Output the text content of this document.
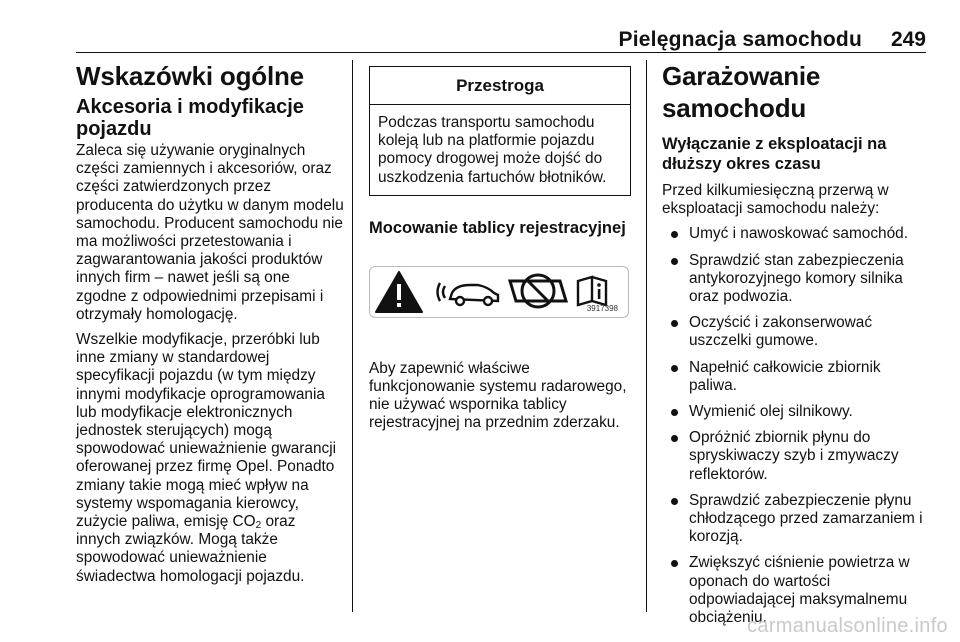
Pielęgnacja samochodu 249
Wskazówki ogólne
Akcesoria i modyfikacje pojazdu

Zaleca się używanie oryginalnych części zamiennych i akcesoriów, oraz części zatwierdzonych przez producenta do użytku w danym modelu samochodu. Producent samochodu nie ma możliwości przetestowania i zagwarantowania jakości produktów innych firm – nawet jeśli są one zgodne z odpowiednimi przepisami i otrzymały homologację.

Wszelkie modyfikacje, przeróbki lub inne zmiany w standardowej specyfikacji pojazdu (w tym między innymi modyfikacje oprogramowania lub modyfikacje elektronicznych jednostek sterujących) mogą spowodować unieważnienie gwarancji oferowanej przez firmę Opel. Ponadto zmiany takie mogą mieć wpływ na systemy wspomagania kierowcy, zużycie paliwa, emisję $CO_2$ oraz innych związków. Mogą także spowodować unieważnienie świadectwa homologacji pojazdu.

Przestroga

Podczas transportu samochodu koleją lub na platformie pojazdu pomocy drogowej może dojść do uszkodzenia fartuchów błotników.

Mocowanie tablicy rejestracyjnej
3917398

Aby zapewnić właściwe funkcjonowanie systemu radarowego, nie używać wspornika tablicy rejestracyjnej na przednim zderzaku.

Garażowanie samochodu
Wyłączanie z eksploatacji na dłuższy okres czasu

Przed kilkumiesięczną przerwą w eksploatacji samochodu należy:

Umyć i nawoskować samochód.
Sprawdzić stan zabezpieczenia antykorozyjnego komory silnika oraz podwozia.
Oczyścić i zakonserwować uszczelki gumowe.
Napełnić całkowicie zbiornik paliwa.
Wymienić olej silnikowy.
Opróżnić zbiornik płynu do spryskiwaczy szyb i zmywaczy reflektorów.
Sprawdzić zabezpieczenie płynu chłodzącego przed zamarzaniem i korozją.
Zwiększyć ciśnienie powietrza w oponach do wartości odpowiadającej maksymalnemu obciążeniu.
carmanualsonline.info
